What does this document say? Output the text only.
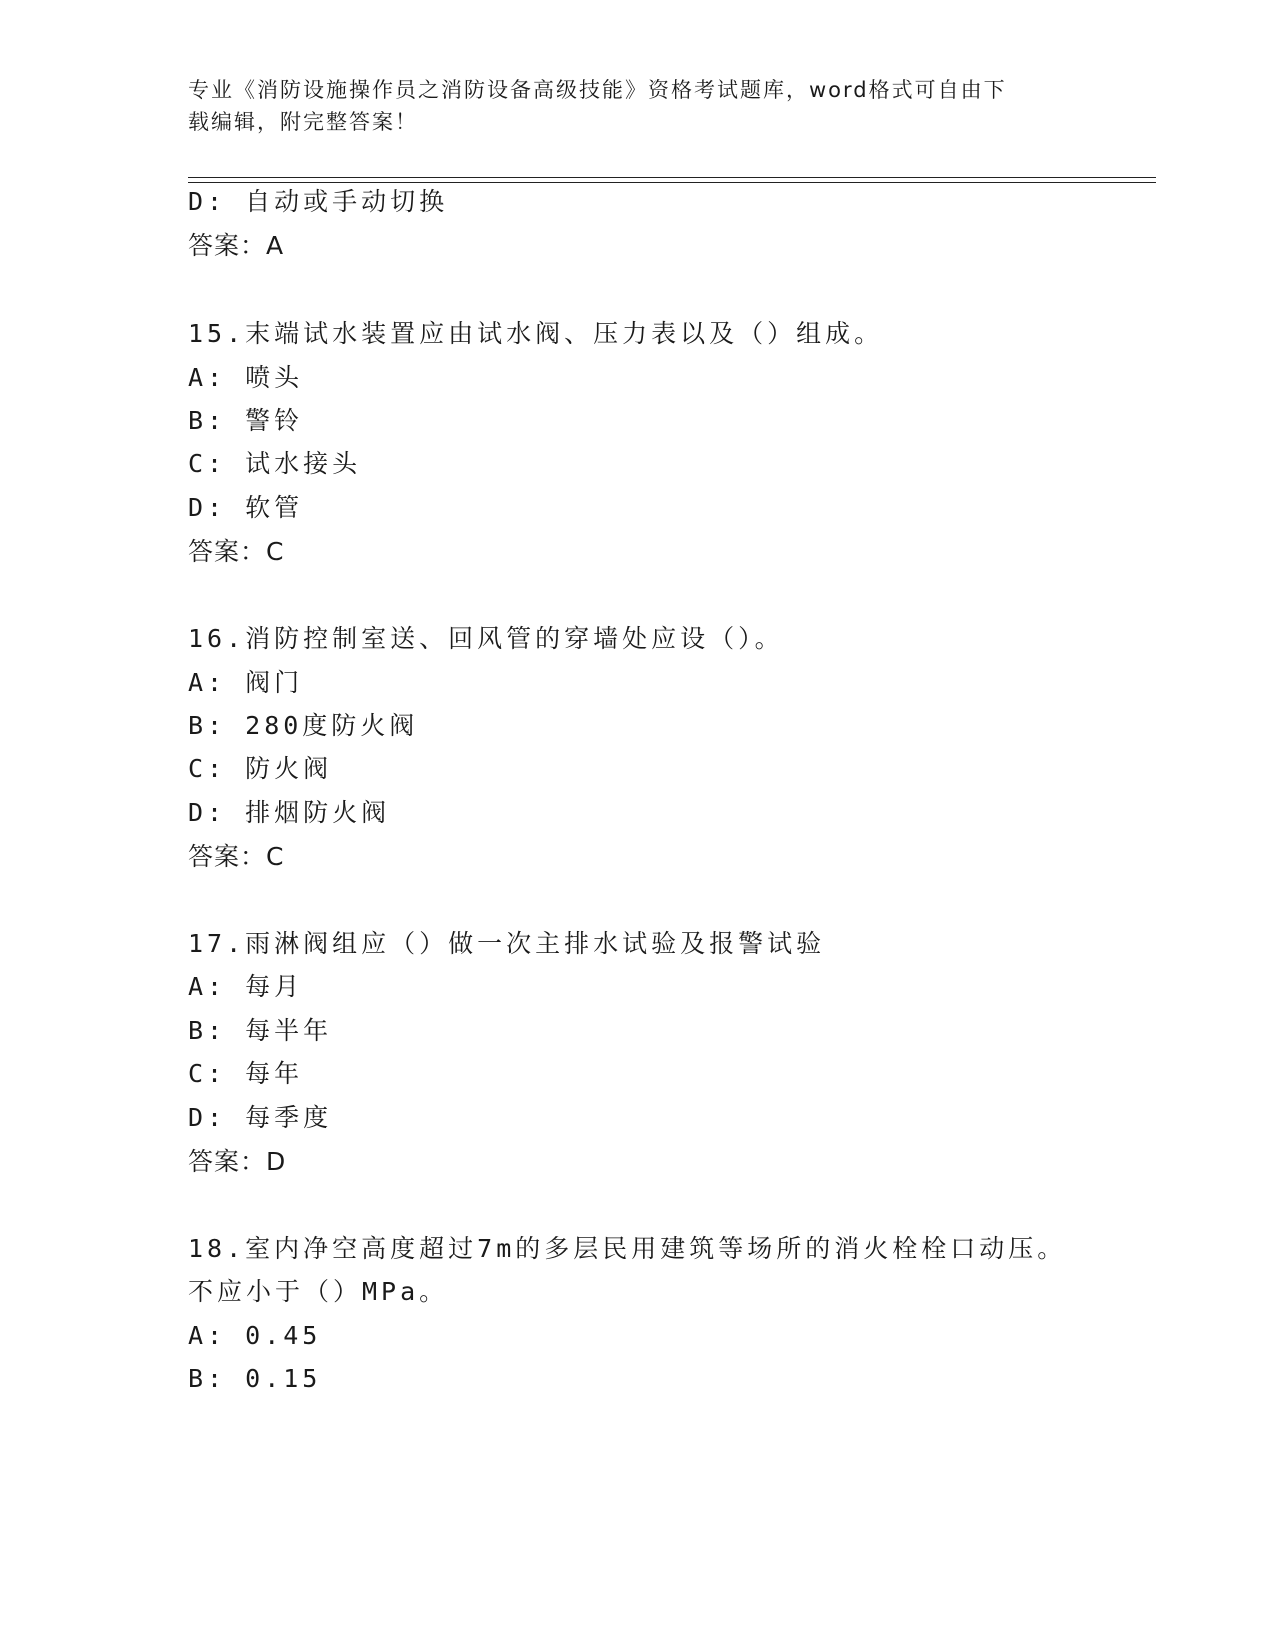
专业《消防设施操作员之消防设备高级技能》资格考试题库，word格式可自由下
载编辑，附完整答案！
D: 自动或手动切换
答案：A
15.末端试水装置应由试水阀、压力表以及（）组成。
A: 喷头
B: 警铃
C: 试水接头
D: 软管
答案：C
16.消防控制室送、回风管的穿墙处应设（）。
A: 阀门
B: 280度防火阀
C: 防火阀
D: 排烟防火阀
答案：C
17.雨淋阀组应（）做一次主排水试验及报警试验
A: 每月
B: 每半年
C: 每年
D: 每季度
答案：D
18.室内净空高度超过7m的多层民用建筑等场所的消火栓栓口动压。
不应小于（）MPa。
A: 0.45
B: 0.15
